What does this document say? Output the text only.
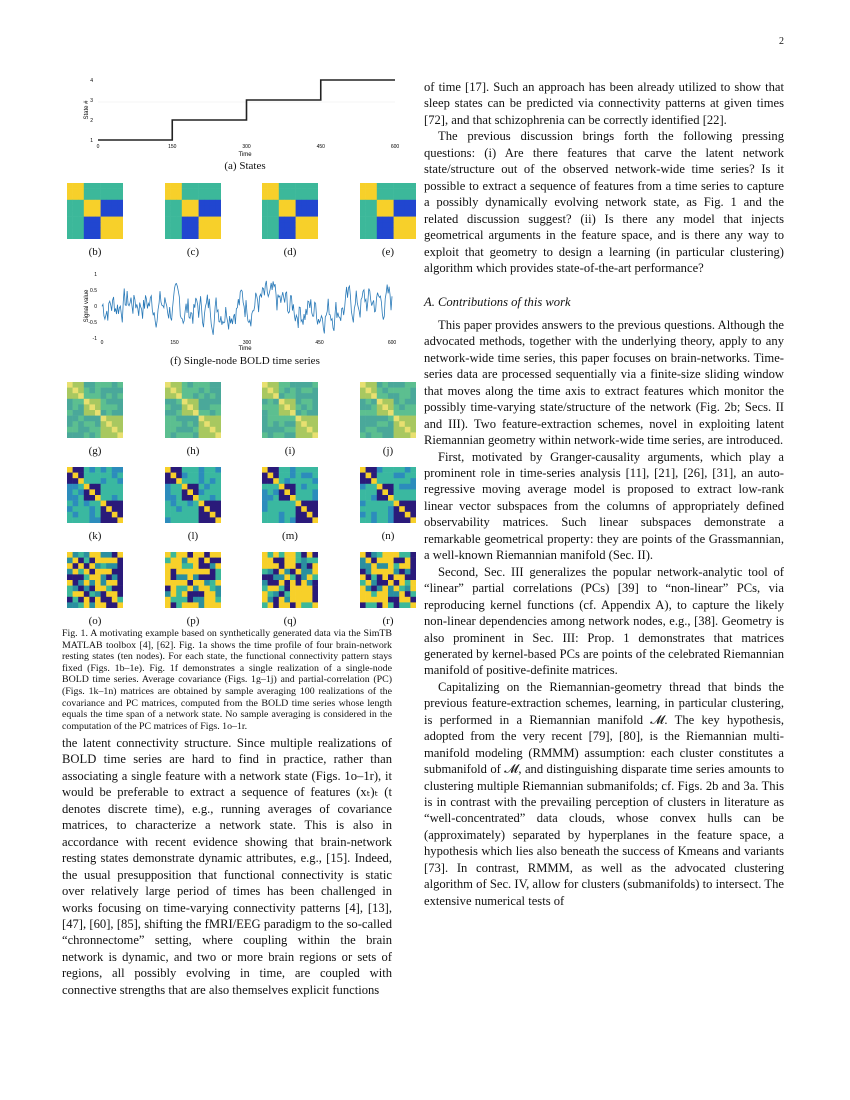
2
State #
1
2
3
4
0	150	300	450	600
Time
(a) States
Signal value
1
0.5
0
-0.5
-1
0	150	300	450	600
Time
(f) Single-node BOLD time series
(b)	(c)	(d)	(e)
(g)	(h)	(i)	(j)
(k)	(l)	(m)	(n)
(o)	(p)	(q)	(r)
Fig. 1. A motivating example based on synthetically generated data via the SimTB MATLAB toolbox [4], [62]. Fig. 1a shows the time profile of four brain-network resting states (ten nodes). For each state, the functional connectivity pattern stays fixed (Figs. 1b–1e). Fig. 1f demonstrates a single realization of a single-node BOLD time series. Average covariance (Figs. 1g–1j) and partial-correlation (PC) (Figs. 1k–1n) matrices are obtained by sample averaging 100 realizations of the covariance and PC matrices, computed from the BOLD time series whose length equals the time span of a network state. No sample averaging is considered in the computation of the PC matrices of Figs. 1o–1r.

the latent connectivity structure. Since multiple realizations of BOLD time series are hard to find in practice, rather than associating a single feature with a network state (Figs. 1o–1r), it would be preferable to extract a sequence of features (xₜ)ₜ (t denotes discrete time), e.g., running averages of covariance matrices, to characterize a network state. This is also in accordance with recent evidence showing that brain-network resting states demonstrate dynamic attributes, e.g., [15]. Indeed, the usual presupposition that functional connectivity is static over relatively large period of times has been challenged in works focusing on time-varying connectivity patterns [4], [13], [47], [60], [85], shifting the fMRI/EEG paradigm to the so-called “chronnectome” setting, where coupling within the brain network is dynamic, and two or more brain regions or sets of regions, all possibly evolving in time, are coupled with connective strengths that are also themselves explicit functions

of time [17]. Such an approach has been already utilized to show that sleep states can be predicted via connectivity patterns at given times [72], and that schizophrenia can be correctly identified [22].

The previous discussion brings forth the following pressing questions: (i) Are there features that carve the latent network state/structure out of the observed network-wide time series? Is it possible to extract a sequence of features from a time series to capture a possibly dynamically evolving network state, as Fig. 1 and the related discussion suggest? (ii) Is there any model that injects geometrical arguments in the feature space, and is there any way to exploit that geometry to design a learning (in particular clustering) algorithm which provides state-of-the-art performance?

A. Contributions of this work

This paper provides answers to the previous questions. Although the advocated methods, together with the underlying theory, apply to any network-wide time series, this paper focuses on brain-networks. Time-series data are processed sequentially via a finite-size sliding window that moves along the time axis to extract features which monitor the possibly time-varying state/structure of the network (Fig. 2b; Secs. II and III). Two feature-extraction schemes, novel in exploiting latent Riemannian geometry within network-wide time series, are introduced.

First, motivated by Granger-causality arguments, which play a prominent role in time-series analysis [11], [21], [26], [31], an auto-regressive moving average model is proposed to extract low-rank linear vector subspaces from the columns of appropriately defined observability matrices. Such linear subspaces demonstrate a remarkable geometrical property: they are points of the Grassmannian, a well-known Riemannian manifold (Sec. II).

Second, Sec. III generalizes the popular network-analytic tool of “linear” partial correlations (PCs) [39] to “non-linear” PCs, via reproducing kernel functions (cf. Appendix A), to capture the likely non-linear dependencies among network nodes, e.g., [38]. Geometry is also prominent in Sec. III: Prop. 1 demonstrates that matrices generated by kernel-based PCs are points of the celebrated Riemannian manifold of positive-definite matrices.

Capitalizing on the Riemannian-geometry thread that binds the previous feature-extraction schemes, learning, in particular clustering, is performed in a Riemannian manifold 𝓜. The key hypothesis, adopted from the very recent [79], [80], is the Riemannian multi-manifold modeling (RMMM) assumption: each cluster constitutes a submanifold of 𝓜, and distinguishing disparate time series amounts to clustering multiple Riemannian submanifolds; cf. Figs. 2b and 3a. This is in contrast with the prevailing perception of clusters in literature as “well-concentrated” data clouds, whose convex hulls can be (approximately) separated by hyperplanes in the feature space, a hypothesis which lies also beneath the success of Kmeans and variants [73]. In contrast, RMMM, as well as the advocated clustering algorithm of Sec. IV, allow for clusters (submanifolds) to intersect. The extensive numerical tests of
